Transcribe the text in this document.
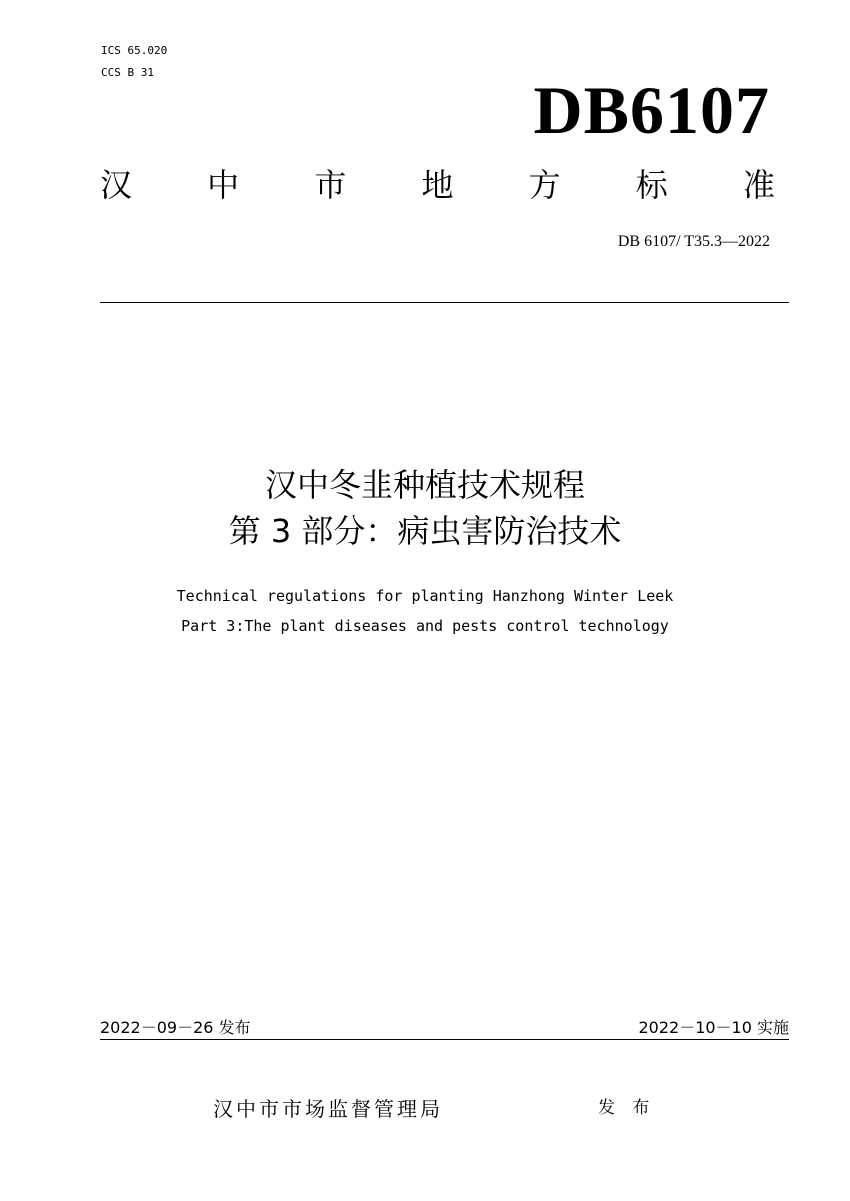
ICS 65.020
CCS B 31	DB6107
汉 中 市 地 方 标 准
DB 6107/ T35.3—2022
汉中冬韭种植技术规程
第 3 部分：病虫害防治技术
Technical regulations for planting Hanzhong Winter Leek
Part 3:The plant diseases and pests control technology
2022－09－26 发布	2022－10－10 实施
汉中市市场监督管理局	发 布
